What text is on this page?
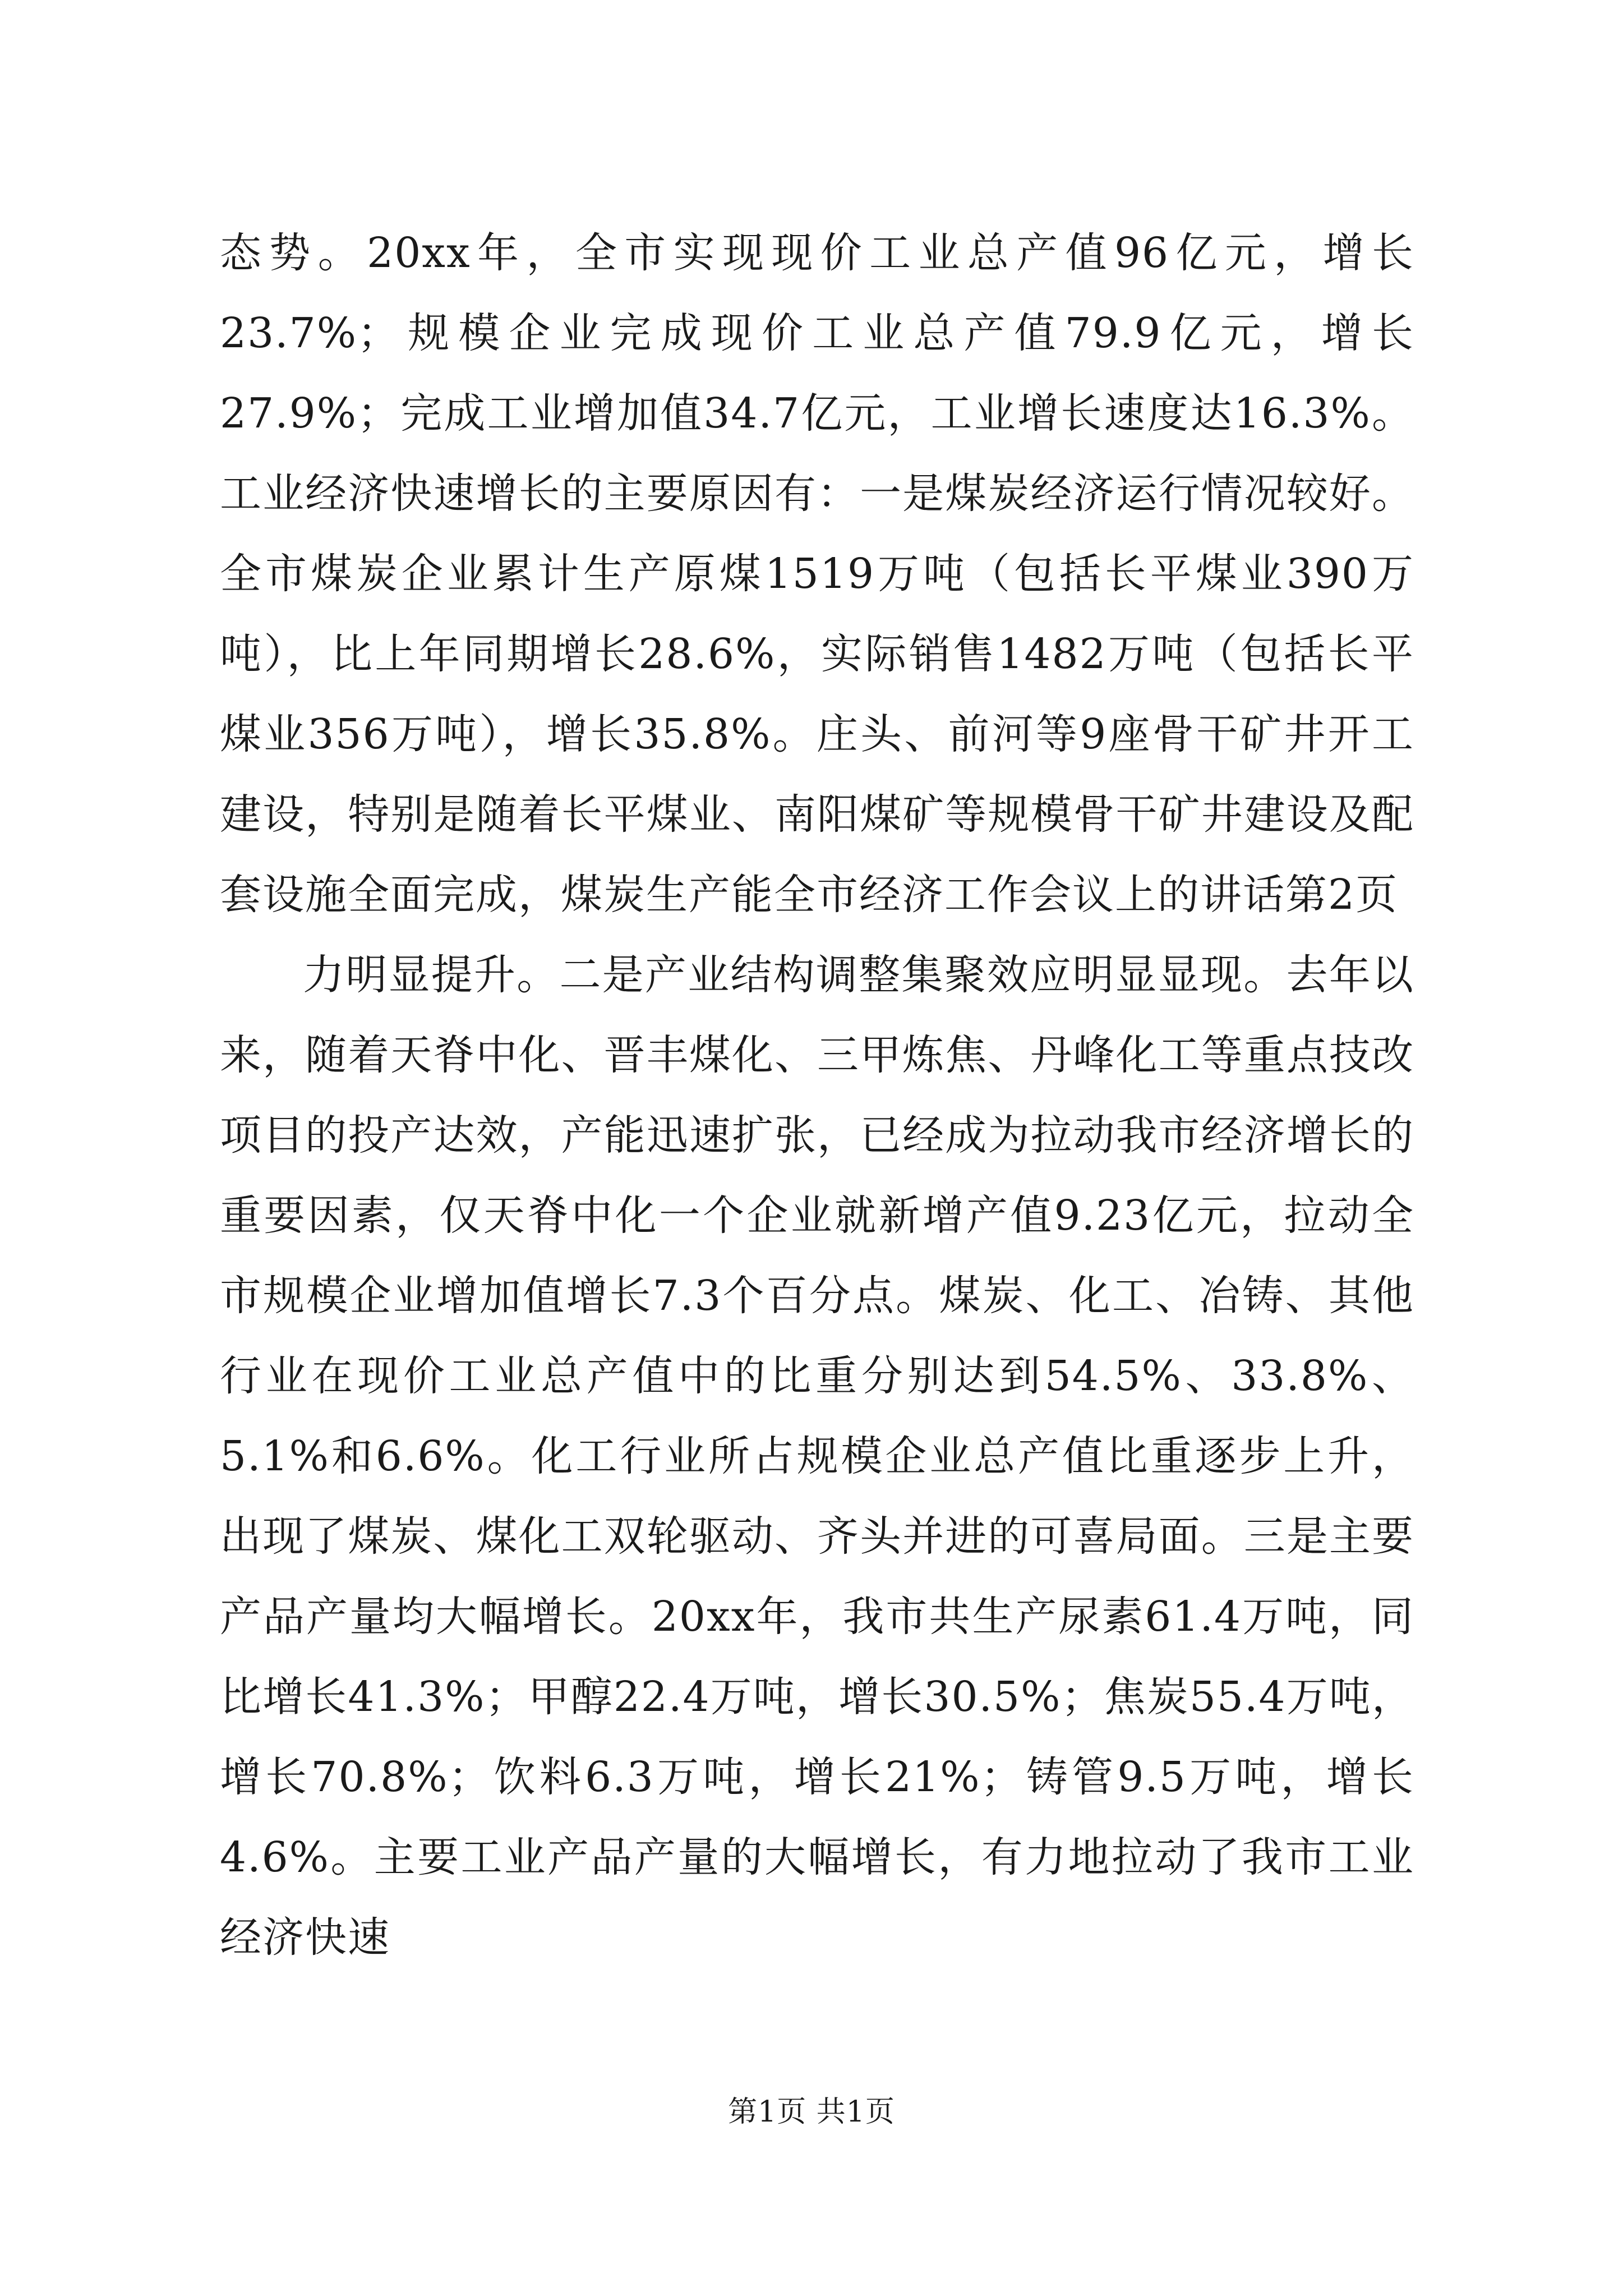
态势。20xx年，全市实现现价工业总产值96亿元，增长23.7%；规模企业完成现价工业总产值79.9亿元，增长27.9%；完成工业增加值34.7亿元，工业增长速度达16.3%。工业经济快速增长的主要原因有：一是煤炭经济运行情况较好。全市煤炭企业累计生产原煤1519万吨（包括长平煤业390万吨），比上年同期增长28.6%，实际销售1482万吨（包括长平煤业356万吨），增长35.8%。庄头、前河等9座骨干矿井开工建设，特别是随着长平煤业、南阳煤矿等规模骨干矿井建设及配套设施全面完成，煤炭生产能全市经济工作会议上的讲话第2页

力明显提升。二是产业结构调整集聚效应明显显现。去年以来，随着天脊中化、晋丰煤化、三甲炼焦、丹峰化工等重点技改项目的投产达效，产能迅速扩张，已经成为拉动我市经济增长的重要因素，仅天脊中化一个企业就新增产值9.23亿元，拉动全市规模企业增加值增长7.3个百分点。煤炭、化工、冶铸、其他行业在现价工业总产值中的比重分别达到54.5%、33.8%、5.1%和6.6%。化工行业所占规模企业总产值比重逐步上升，出现了煤炭、煤化工双轮驱动、齐头并进的可喜局面。三是主要产品产量均大幅增长。20xx年，我市共生产尿素61.4万吨，同比增长41.3%；甲醇22.4万吨，增长30.5%；焦炭55.4万吨，增长70.8%；饮料6.3万吨，增长21%；铸管9.5万吨，增长4.6%。主要工业产品产量的大幅增长，有力地拉动了我市工业经济快速

第1页 共1页
